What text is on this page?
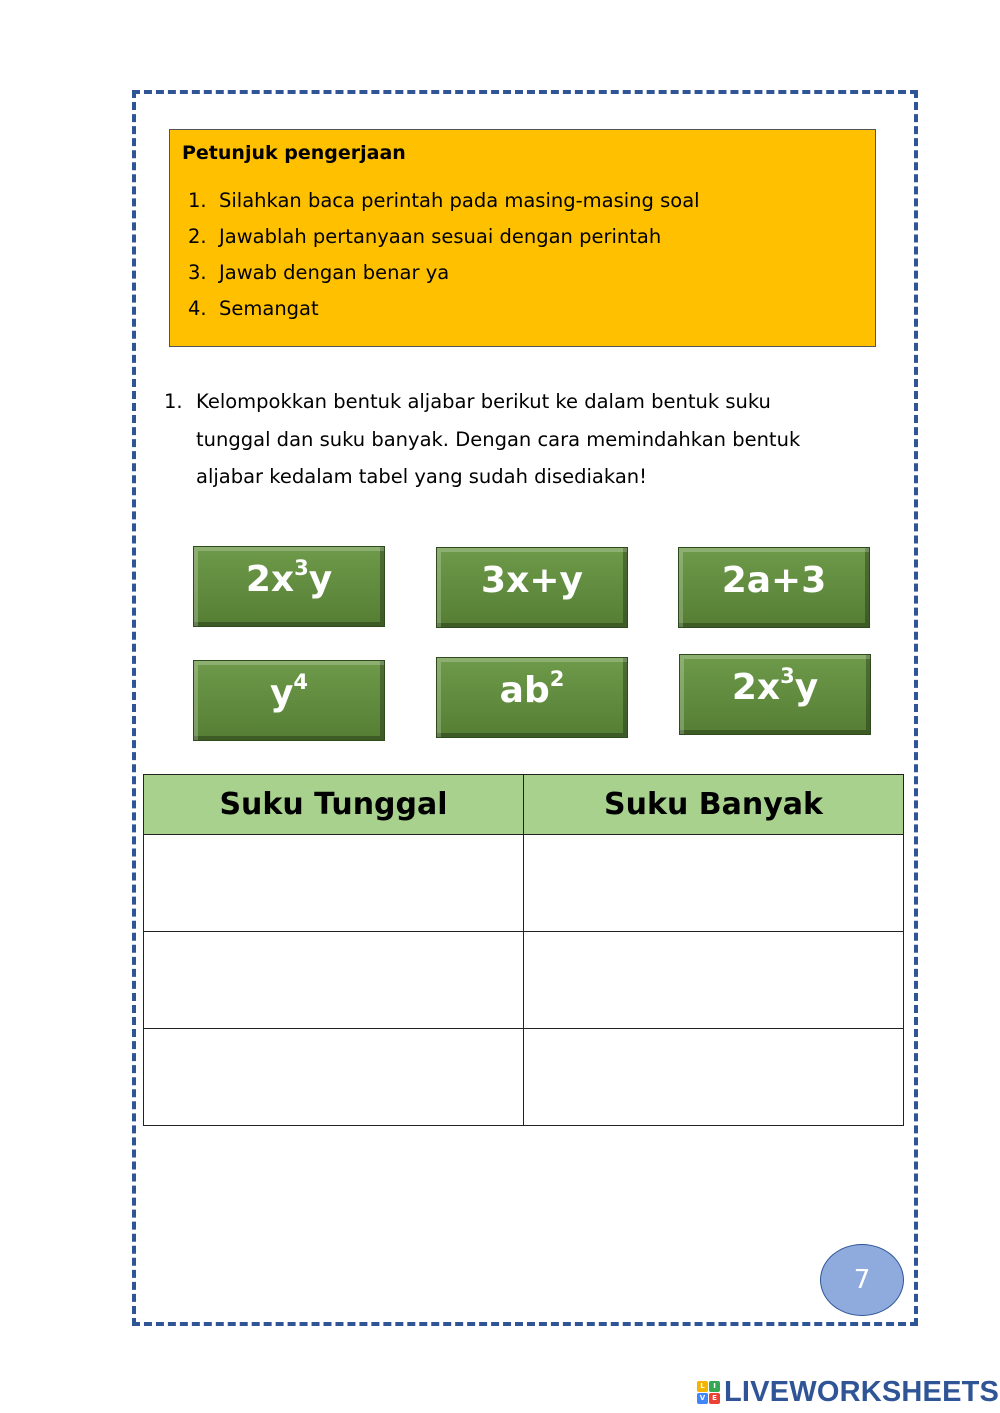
Petunjuk pengerjaan
1. Silahkan baca perintah pada masing-masing soal
2. Jawablah pertanyaan sesuai dengan perintah
3. Jawab dengan benar ya
4. Semangat
1. Kelompokkan bentuk aljabar berikut ke dalam bentuk suku
tunggal dan suku banyak. Dengan cara memindahkan bentuk
aljabar kedalam tabel yang sudah disediakan!
$2x^3$ y	3x+y	2a+3
$y^4$	$ab^2$	$2x^3$ y
Suku Tunggal	Suku Banyak

7
L	I
V E LIVEWORKSHEETS
